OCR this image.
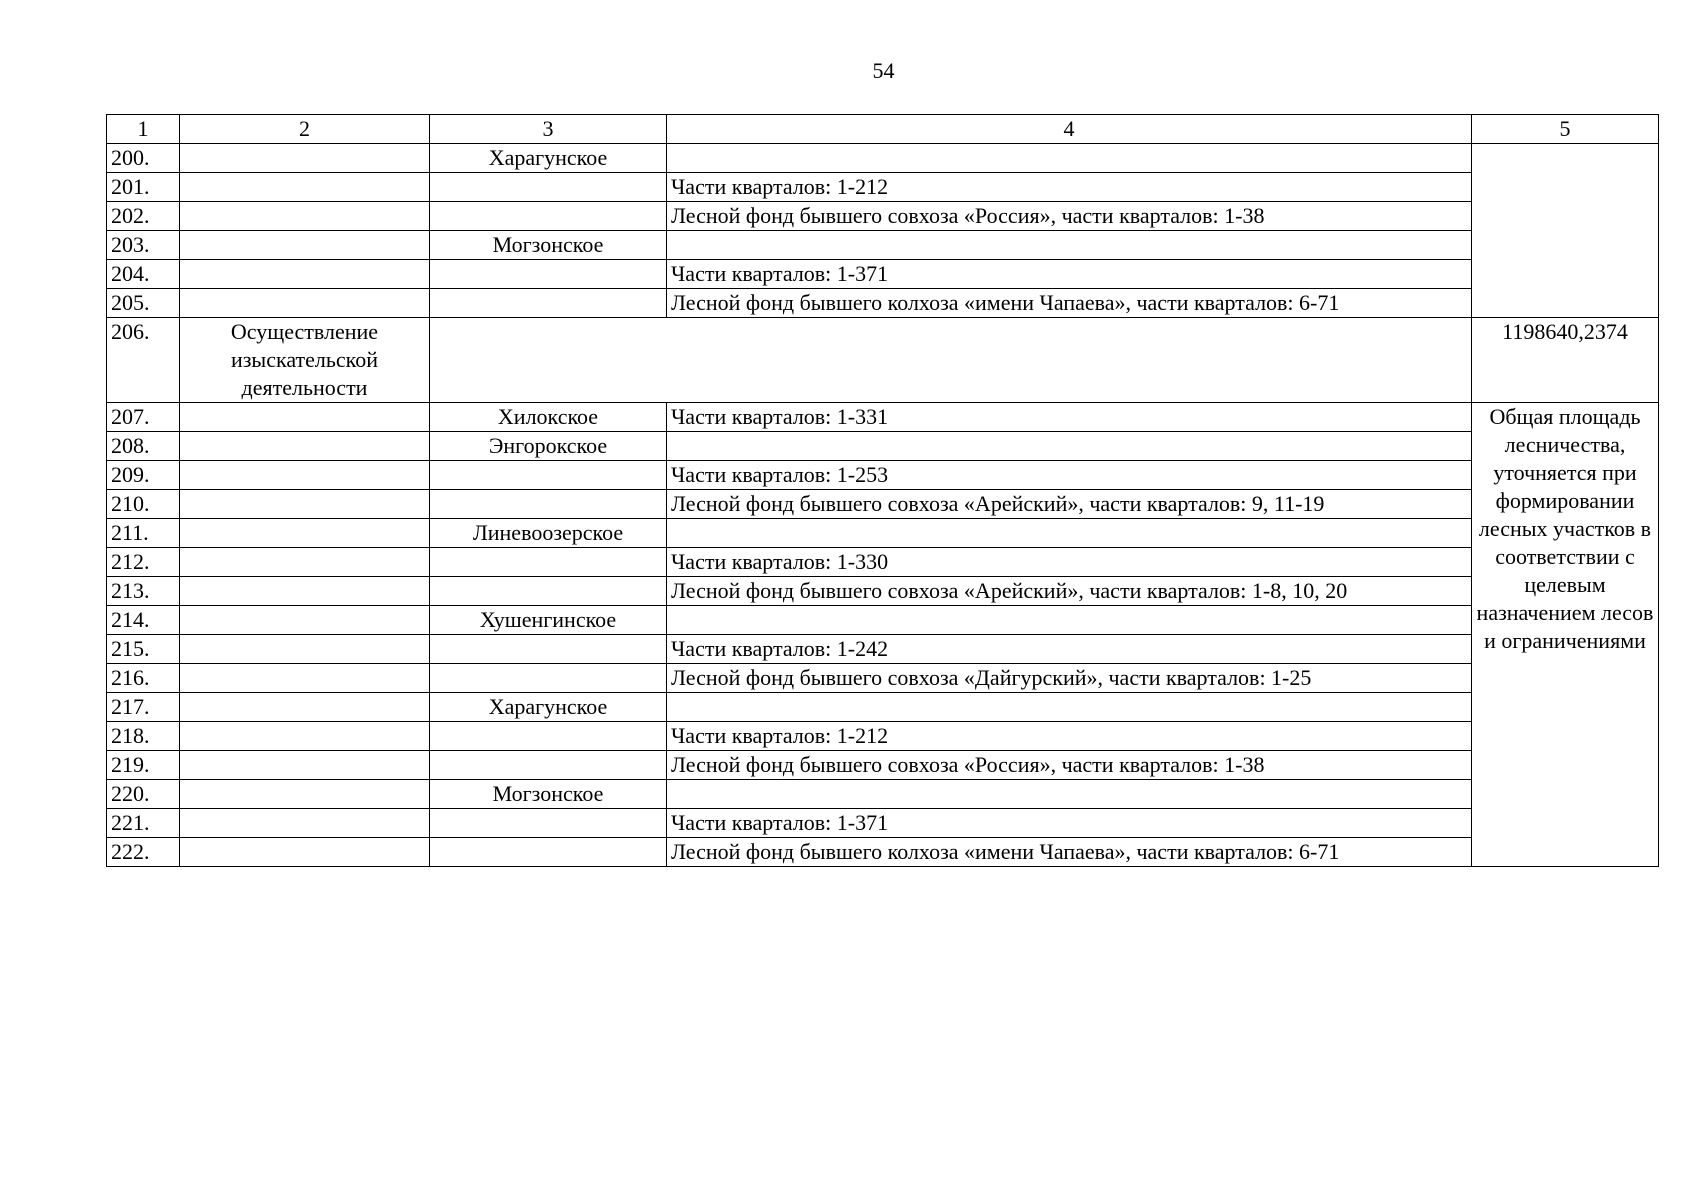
54
1	2	3	4	5
200.		Харагунское		
201.			Части кварталов: 1-212	
202.			Лесной фонд бывшего совхоза «Россия», части кварталов: 1-38	
203.		Могзонское		
204.			Части кварталов: 1-371	
205.			Лесной фонд бывшего колхоза «имени Чапаева», части кварталов: 6-71	
206.	Осуществление изыскательской деятельности			1198640,2374
207.		Хилокское	Части кварталов: 1-331	Общая площадь лесничества, уточняется при формировании лесных участков в соответствии с целевым назначением лесов и ограничениями
208.		Энгорокское		
209.			Части кварталов: 1-253	
210.			Лесной фонд бывшего совхоза «Арейский», части кварталов: 9, 11-19	
211.		Линевоозерское		
212.			Части кварталов: 1-330	
213.			Лесной фонд бывшего совхоза «Арейский», части кварталов: 1-8, 10, 20	
214.		Хушенгинское		
215.			Части кварталов: 1-242	
216.			Лесной фонд бывшего совхоза «Дайгурский», части кварталов: 1-25	
217.		Харагунское		
218.			Части кварталов: 1-212	
219.			Лесной фонд бывшего совхоза «Россия», части кварталов: 1-38	
220.		Могзонское		
221.			Части кварталов: 1-371	
222.			Лесной фонд бывшего колхоза «имени Чапаева», части кварталов: 6-71	
